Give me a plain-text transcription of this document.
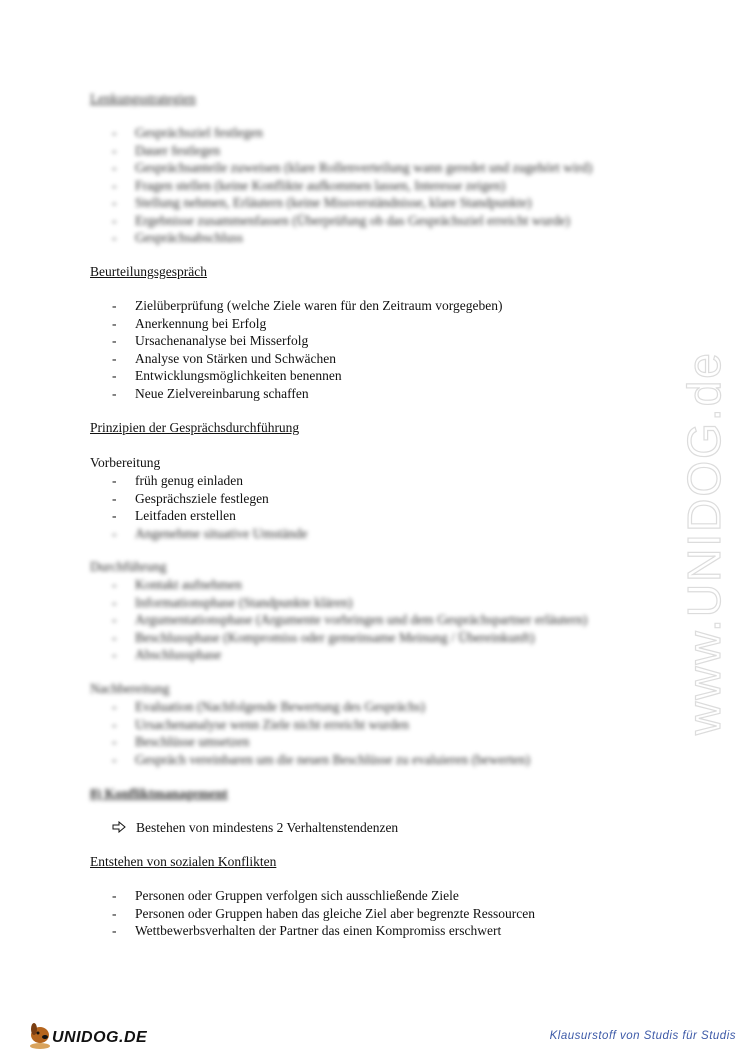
Lenkungsstrategien
- Gesprächsziel festlegen
- Dauer festlegen
- Gesprächsanteile zuweisen (klare Rollenverteilung wann geredet und zugehört wird)
- Fragen stellen (keine Konflikte aufkommen lassen, Interesse zeigen)
- Stellung nehmen, Erläutern (keine Missverständnisse, klare Standpunkte)
- Ergebnisse zusammenfassen (Überprüfung ob das Gesprächsziel erreicht wurde)
- Gesprächsabschluss
Beurteilungsgespräch
- Zielüberprüfung (welche Ziele waren für den Zeitraum vorgegeben)
- Anerkennung bei Erfolg
- Ursachenanalyse bei Misserfolg
- Analyse von Stärken und Schwächen
- Entwicklungsmöglichkeiten benennen
- Neue Zielvereinbarung schaffen
Prinzipien der Gesprächsdurchführung
Vorbereitung
- früh genug einladen
- Gesprächsziele festlegen
- Leitfaden erstellen
- Angenehme situative Umstände
Durchführung
- Kontakt aufnehmen
- Informationsphase (Standpunkte klären)
- Argumentationsphase (Argumente vorbringen und dem Gesprächspartner erläutern)
- Beschlussphase (Kompromiss oder gemeinsame Meinung / Übereinkunft)
- Abschlussphase
Nachbereitung
- Evaluation (Nachfolgende Bewertung des Gesprächs)
- Ursachenanalyse wenn Ziele nicht erreicht wurden
- Beschlüsse umsetzen
- Gespräch vereinbaren um die neuen Beschlüsse zu evaluieren (bewerten)
8) Konfliktmanagement
Bestehen von mindestens 2 Verhaltenstendenzen
Entstehen von sozialen Konflikten
- Personen oder Gruppen verfolgen sich ausschließende Ziele
- Personen oder Gruppen haben das gleiche Ziel aber begrenzte Ressourcen
- Wettbewerbsverhalten der Partner das einen Kompromiss erschwert
www.UNIDOG.de
UNIDOG.DE	Klausurstoff von Studis für Studis
